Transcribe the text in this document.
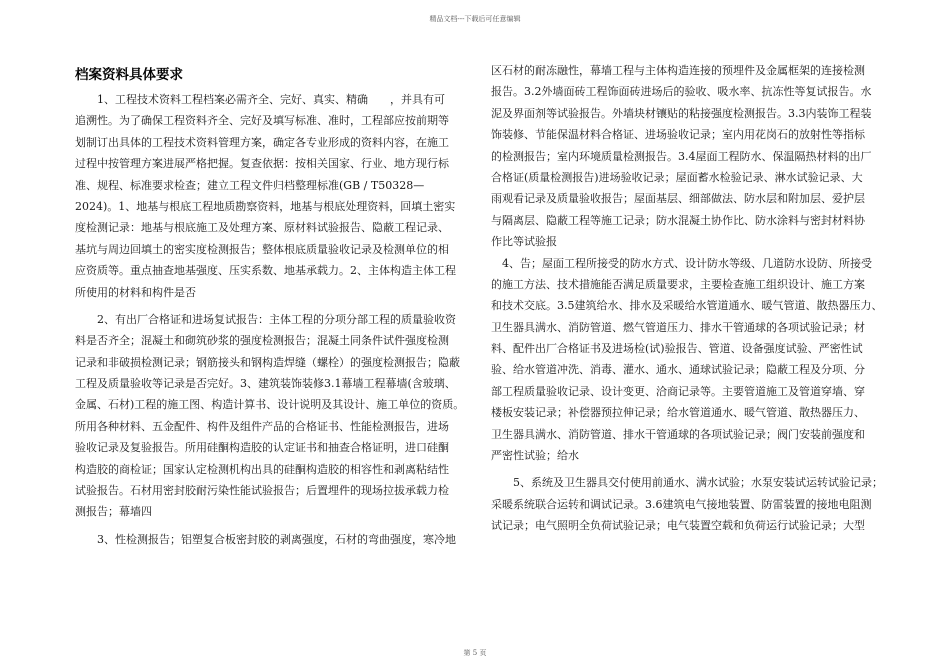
精品文档---下载后可任意编辑
档案资料具体要求
　　1、工程技术资料工程档案必需齐全、完好、真实、精确　　，并具有可
追溯性。为了确保工程资料齐全、完好及填写标准、准时，工程部应按前期等
划制订出具体的工程技术资料管理方案，确定各专业形成的资料内容，在施工
过程中按管理方案进展严格把握。复查依据：按相关国家、行业、地方现行标
准、规程、标准要求检查；建立工程文件归档整理标准(GB / T50328—
2024)。1、地基与根底工程地质勘察资料，地基与根底处理资料，回填土密实
度检测记录：地基与根底施工及处理方案、原材料试验报告、隐蔽工程记录、
基坑与周边回填土的密实度检测报告；整体根底质量验收记录及检测单位的相
应资质等。重点抽查地基强度、压实系数、地基承载力。2、主体构造主体工程
所使用的材料和构件是否
　　2、有出厂合格证和进场复试报告：主体工程的分项分部工程的质量验收资
料是否齐全；混凝土和砌筑砂浆的强度检测报告；混凝土同条件试件强度检测
记录和非破损检测记录；钢筋接头和钢构造焊缝（螺栓）的强度检测报告；隐蔽
工程及质量验收等记录是否完好。3、建筑装饰装修3.1幕墙工程幕墙(含玻璃、
金属、石材)工程的施工图、构造计算书、设计说明及其设计、施工单位的资质。
所用各种材料、五金配件、构件及组件产品的合格证书、性能检测报告，进场
验收记录及复验报告。所用硅酮构造胶的认定证书和抽查合格证明，进口硅酮
构造胶的商检证；国家认定检测机构出具的硅酮构造胶的相容性和剥离粘结性
试验报告。石材用密封胶耐污染性能试验报告；后置埋件的现场拉拔承载力检
测报告；幕墙四
　　3、性检测报告；铝塑复合板密封胶的剥离强度，石材的弯曲强度，寒冷地
区石材的耐冻融性，幕墙工程与主体构造连接的预埋件及金属框架的连接检测
报告。3.2外墙面砖工程饰面砖进场后的验收、吸水率、抗冻性等复试报告。水
泥及界面剂等试验报告。外墙块材镶贴的粘接强度检测报告。3.3内装饰工程装
饰装修、节能保温材料合格证、进场验收记录；室内用花岗石的放射性等指标
的检测报告；室内环境质量检测报告。3.4屋面工程防水、保温隔热材料的出厂
合格证(质量检测报告)进场验收记录；屋面蓄水检验记录、淋水试验记录、大
雨观看记录及质量验收报告；屋面基层、细部做法、防水层和附加层、爱护层
与隔离层、隐蔽工程等施工记录；防水混凝土协作比、防水涂料与密封材料协
作比等试验报
　4、告；屋面工程所接受的防水方式、设计防水等级、几道防水设防、所接受
的施工方法、技术措施能否满足质量要求，主要检查施工组织设计、施工方案
和技术交底。3.5建筑给水、排水及采暖给水管道通水、暖气管道、散热器压力、
卫生器具满水、消防管道、燃气管道压力、排水干管通球的各项试验记录；材
料、配件出厂合格证书及进场检(试)验报告、管道、设备强度试验、严密性试
验、给水管道冲洗、消毒、灌水、通水、通球试验记录；隐蔽工程及分项、分
部工程质量验收记录、设计变更、洽商记录等。主要管道施工及管道穿墙、穿
楼板安装记录；补偿器预拉伸记录；给水管道通水、暖气管道、散热器压力、
卫生器具满水、消防管道、排水干管通球的各项试验记录；阀门安装前强度和
严密性试验；给水
　　5、系统及卫生器具交付使用前通水、满水试验；水泵安装试运转试验记录；
采暖系统联合运转和调试记录。3.6建筑电气接地装置、防雷装置的接地电阻测
试记录；电气照明全负荷试验记录；电气装置空载和负荷运行试验记录；大型
第 5 页
